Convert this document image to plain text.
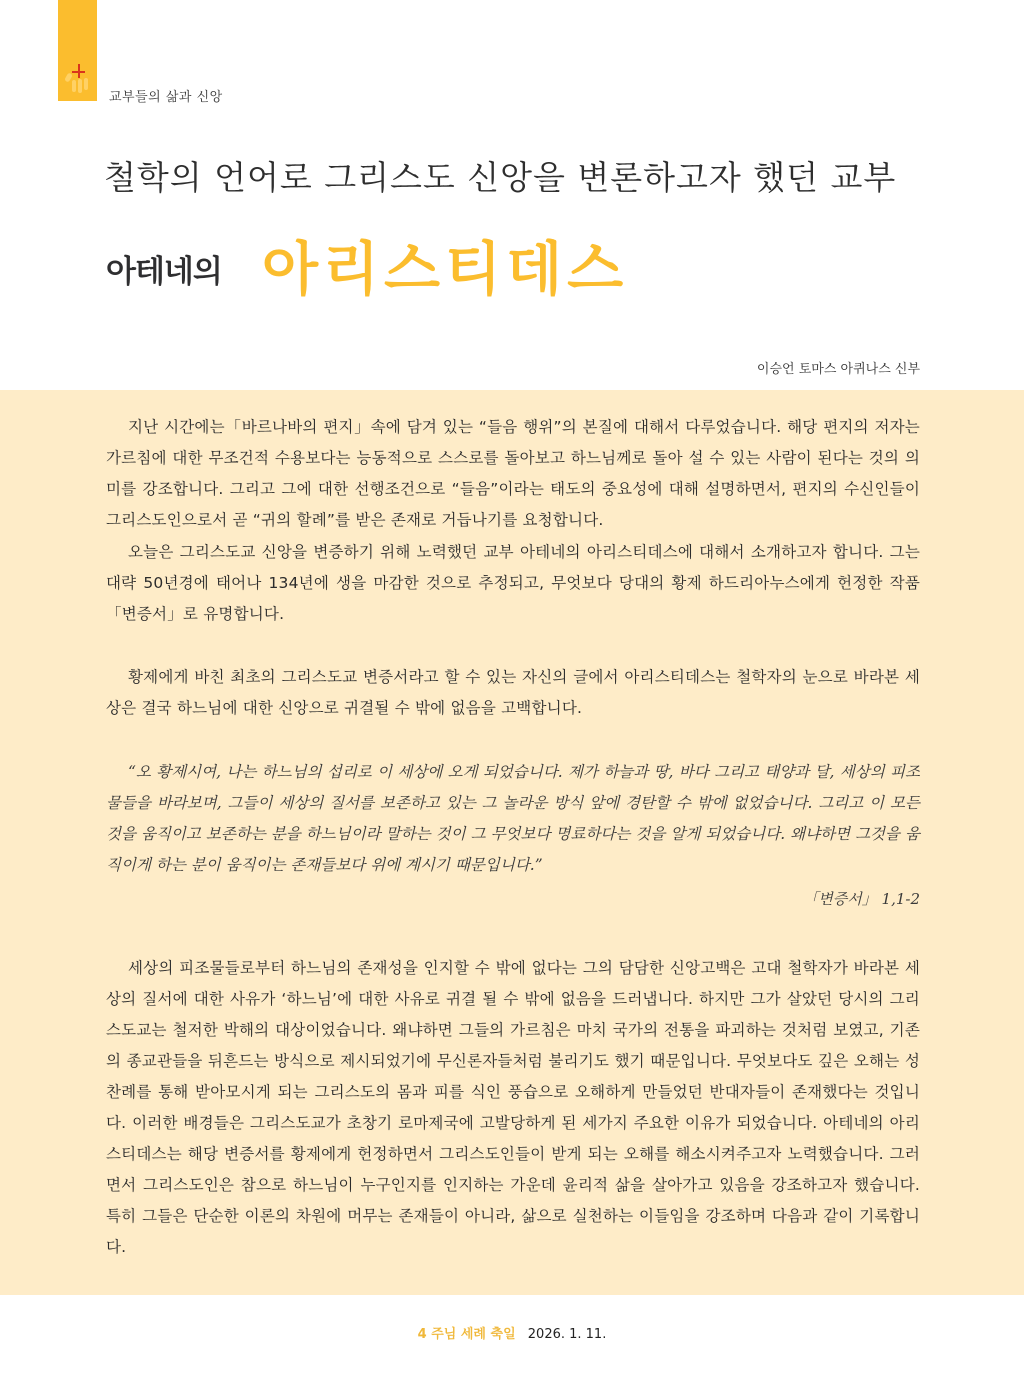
교부들의 삶과 신앙
철학의 언어로 그리스도 신앙을 변론하고자 했던 교부
아테네의 아리스티데스
이승언 토마스 아퀴나스 신부

지난 시간에는「바르나바의 편지」속에 담겨 있는 “들음 행위”의 본질에 대해서 다루었습니다. 해당 편지의 저자는 가르침에 대한 무조건적 수용보다는 능동적으로 스스로를 돌아보고 하느님께로 돌아 설 수 있는 사람이 된다는 것의 의미를 강조합니다. 그리고 그에 대한 선행조건으로 “들음”이라는 태도의 중요성에 대해 설명하면서, 편지의 수신인들이 그리스도인으로서 곧 “귀의 할례”를 받은 존재로 거듭나기를 요청합니다.

오늘은 그리스도교 신앙을 변증하기 위해 노력했던 교부 아테네의 아리스티데스에 대해서 소개하고자 합니다. 그는 대략 50년경에 태어나 134년에 생을 마감한 것으로 추정되고, 무엇보다 당대의 황제 하드리아누스에게 헌정한 작품「변증서」로 유명합니다.

황제에게 바친 최초의 그리스도교 변증서라고 할 수 있는 자신의 글에서 아리스티데스는 철학자의 눈으로 바라본 세상은 결국 하느님에 대한 신앙으로 귀결될 수 밖에 없음을 고백합니다.

“오 황제시여, 나는 하느님의 섭리로 이 세상에 오게 되었습니다. 제가 하늘과 땅, 바다 그리고 태양과 달, 세상의 피조물들을 바라보며, 그들이 세상의 질서를 보존하고 있는 그 놀라운 방식 앞에 경탄할 수 밖에 없었습니다. 그리고 이 모든 것을 움직이고 보존하는 분을 하느님이라 말하는 것이 그 무엇보다 명료하다는 것을 알게 되었습니다. 왜냐하면 그것을 움직이게 하는 분이 움직이는 존재들보다 위에 계시기 때문입니다.”
「변증서」 1,1-2

세상의 피조물들로부터 하느님의 존재성을 인지할 수 밖에 없다는 그의 담담한 신앙고백은 고대 철학자가 바라본 세상의 질서에 대한 사유가 ‘하느님’에 대한 사유로 귀결 될 수 밖에 없음을 드러냅니다. 하지만 그가 살았던 당시의 그리스도교는 철저한 박해의 대상이었습니다. 왜냐하면 그들의 가르침은 마치 국가의 전통을 파괴하는 것처럼 보였고, 기존의 종교관들을 뒤흔드는 방식으로 제시되었기에 무신론자들처럼 불리기도 했기 때문입니다. 무엇보다도 깊은 오해는 성찬례를 통해 받아모시게 되는 그리스도의 몸과 피를 식인 풍습으로 오해하게 만들었던 반대자들이 존재했다는 것입니다. 이러한 배경들은 그리스도교가 초창기 로마제국에 고발당하게 된 세가지 주요한 이유가 되었습니다. 아테네의 아리스티데스는 해당 변증서를 황제에게 헌정하면서 그리스도인들이 받게 되는 오해를 해소시켜주고자 노력했습니다. 그러면서 그리스도인은 참으로 하느님이 누구인지를 인지하는 가운데 윤리적 삶을 살아가고 있음을 강조하고자 했습니다. 특히 그들은 단순한 이론의 차원에 머무는 존재들이 아니라, 삶으로 실천하는 이들임을 강조하며 다음과 같이 기록합니다.

4 주님 세례 축일 2026. 1. 11.
